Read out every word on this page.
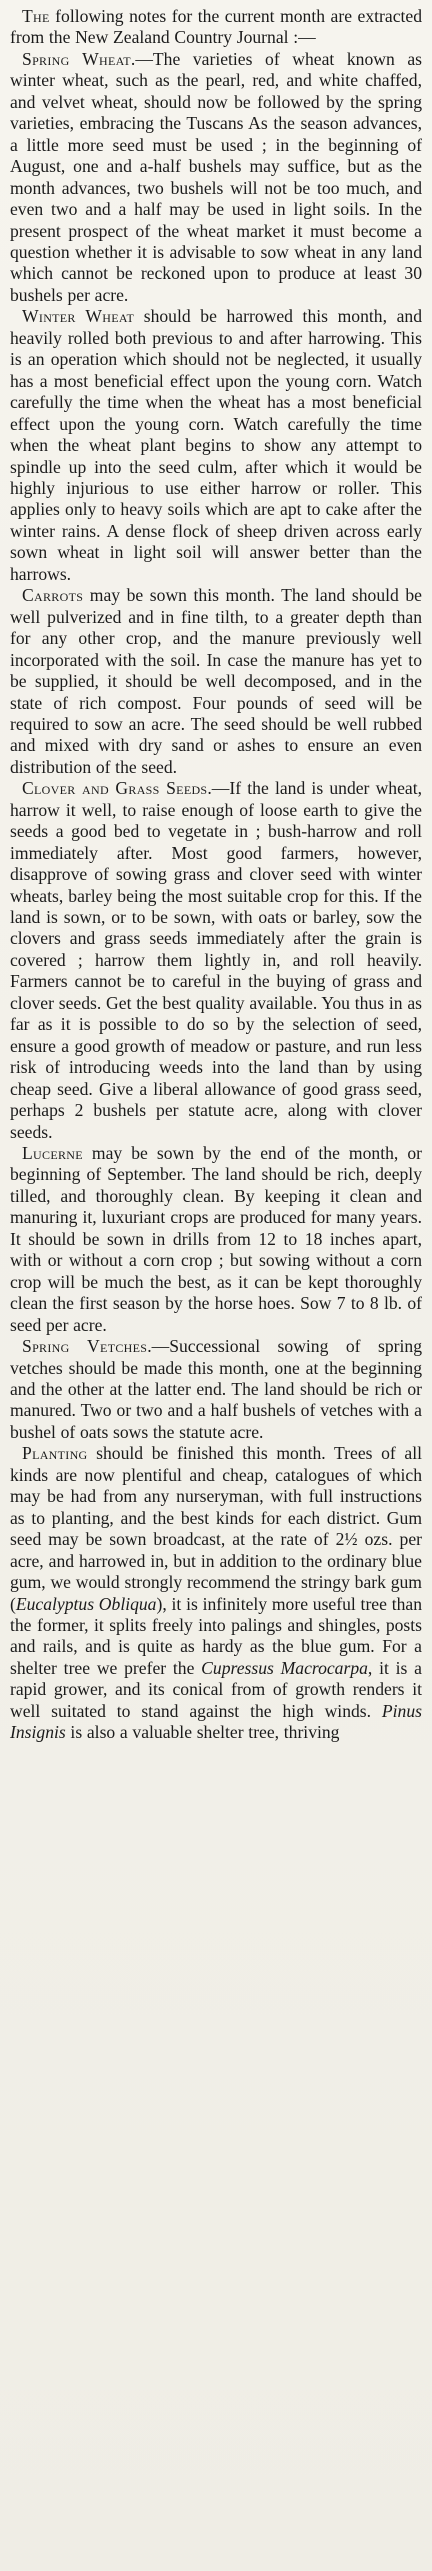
The following notes for the current month are extracted from the New Zealand Country Journal :—

Spring Wheat.—The varieties of wheat known as winter wheat, such as the pearl, red, and white chaffed, and velvet wheat, should now be followed by the spring varieties, embracing the Tuscans As the season advances, a little more seed must be used ; in the beginning of August, one and a-half bushels may suffice, but as the month advances, two bushels will not be too much, and even two and a half may be used in light soils. In the present prospect of the wheat market it must become a question whether it is advisable to sow wheat in any land which cannot be reckoned upon to produce at least 30 bushels per acre.

Winter Wheat should be harrowed this month, and heavily rolled both previous to and after harrowing. This is an operation which should not be neglected, it usually has a most beneficial effect upon the young corn. Watch carefully the time when the wheat has a most beneficial effect upon the young corn. Watch carefully the time when the wheat plant begins to show any attempt to spindle up into the seed culm, after which it would be highly injurious to use either harrow or roller. This applies only to heavy soils which are apt to cake after the winter rains. A dense flock of sheep driven across early sown wheat in light soil will answer better than the harrows.

Carrots may be sown this month. The land should be well pulverized and in fine tilth, to a greater depth than for any other crop, and the manure previously well incorporated with the soil. In case the manure has yet to be supplied, it should be well decomposed, and in the state of rich compost. Four pounds of seed will be required to sow an acre. The seed should be well rubbed and mixed with dry sand or ashes to ensure an even distribution of the seed.

Clover and Grass Seeds.—If the land is under wheat, harrow it well, to raise enough of loose earth to give the seeds a good bed to vegetate in ; bush-harrow and roll immediately after. Most good farmers, however, disapprove of sowing grass and clover seed with winter wheats, barley being the most suitable crop for this. If the land is sown, or to be sown, with oats or barley, sow the clovers and grass seeds immediately after the grain is covered ; harrow them lightly in, and roll heavily. Farmers cannot be to careful in the buying of grass and clover seeds. Get the best quality available. You thus in as far as it is possible to do so by the selection of seed, ensure a good growth of meadow or pasture, and run less risk of introducing weeds into the land than by using cheap seed. Give a liberal allowance of good grass seed, perhaps 2 bushels per statute acre, along with clover seeds.

Lucerne may be sown by the end of the month, or beginning of September. The land should be rich, deeply tilled, and thoroughly clean. By keeping it clean and manuring it, luxuriant crops are produced for many years. It should be sown in drills from 12 to 18 inches apart, with or without a corn crop ; but sowing without a corn crop will be much the best, as it can be kept thoroughly clean the first season by the horse hoes. Sow 7 to 8 lb. of seed per acre.

Spring Vetches.—Successional sowing of spring vetches should be made this month, one at the beginning and the other at the latter end. The land should be rich or manured. Two or two and a half bushels of vetches with a bushel of oats sows the statute acre.

Planting should be finished this month. Trees of all kinds are now plentiful and cheap, catalogues of which may be had from any nurseryman, with full instructions as to planting, and the best kinds for each district. Gum seed may be sown broadcast, at the rate of 2½ ozs. per acre, and harrowed in, but in addition to the ordinary blue gum, we would strongly recommend the stringy bark gum (Eucalyptus Obliqua), it is infinitely more useful tree than the former, it splits freely into palings and shingles, posts and rails, and is quite as hardy as the blue gum. For a shelter tree we prefer the Cupressus Macrocarpa, it is a rapid grower, and its conical from of growth renders it well suitated to stand against the high winds. Pinus Insignis is also a valuable shelter tree, thriving
